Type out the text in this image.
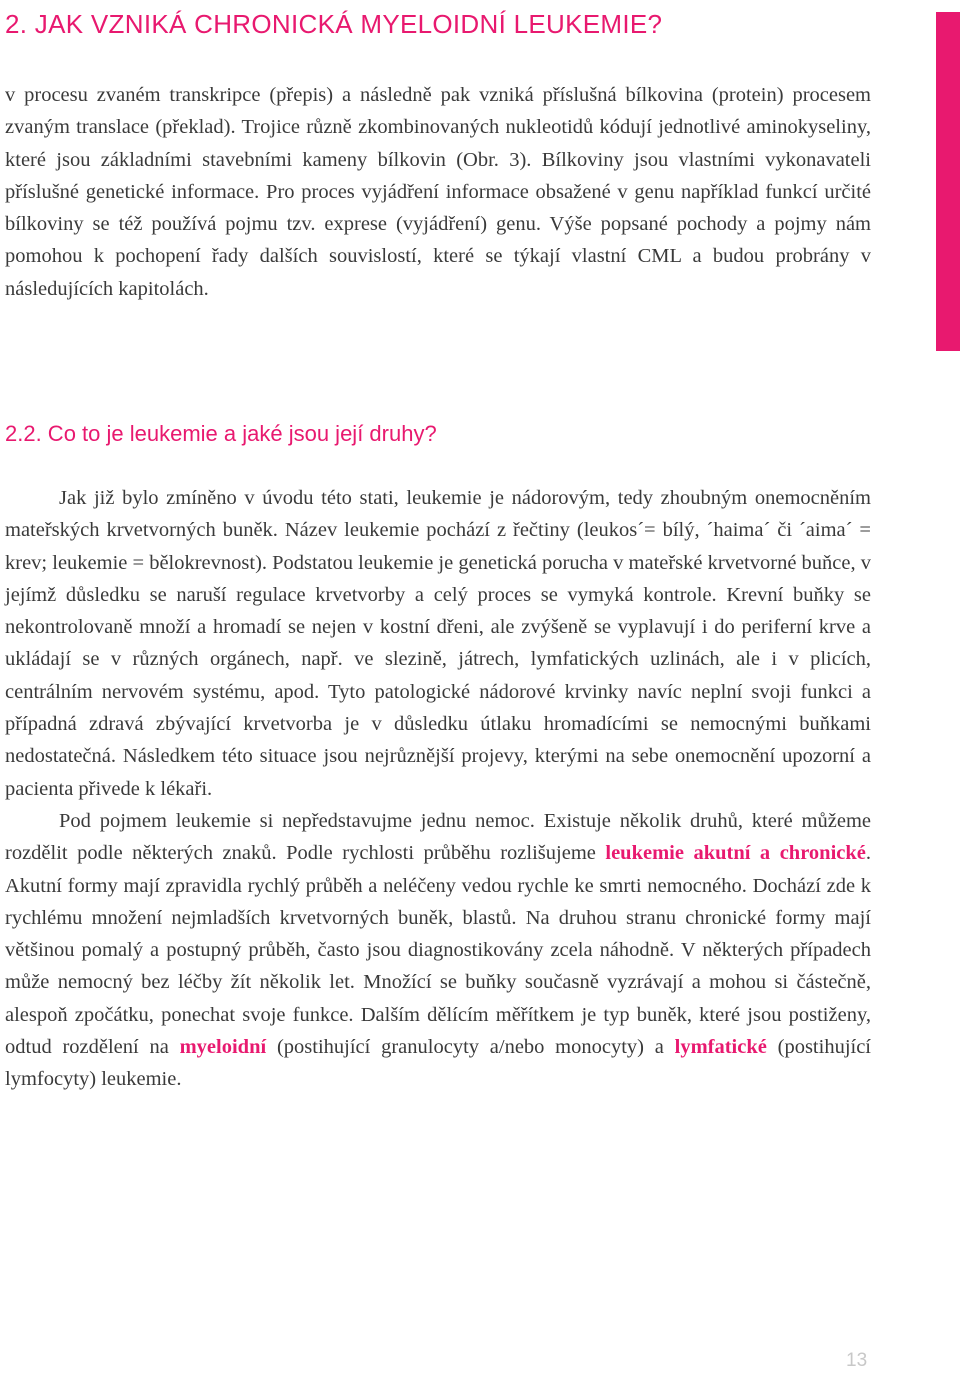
2. JAK VZNIKÁ CHRONICKÁ MYELOIDNÍ LEUKEMIE?

v procesu zvaném transkripce (přepis) a následně pak vzniká příslušná bílkovina (protein) procesem zvaným translace (překlad). Trojice různě zkombinovaných nukleotidů kódují jednotlivé aminokyseliny, které jsou základními stavebními kameny bílkovin (Obr. 3). Bílkoviny jsou vlastními vykonavateli příslušné genetické informace. Pro proces vyjádření informace obsažené v genu například funkcí určité bílkoviny se též používá pojmu tzv. exprese (vyjádření) genu. Výše popsané pochody a pojmy nám pomohou k pochopení řady dalších souvislostí, které se týkají vlastní CML a budou probrány v následujících kapitolách.

2.2. Co to je leukemie a jaké jsou její druhy?

Jak již bylo zmíněno v úvodu této stati, leukemie je nádorovým, tedy zhoubným onemocněním mateřských krvetvorných buněk. Název leukemie pochází z řečtiny (leukos´= bílý, ´haima´ či ´aima´ = krev; leukemie = bělokrevnost). Podstatou leukemie je genetická porucha v mateřské krvetvorné buňce, v jejímž důsledku se naruší regulace krvetvorby a celý proces se vymyká kontrole. Krevní buňky se nekontrolovaně množí a hromadí se nejen v kostní dřeni, ale zvýšeně se vyplavují i do periferní krve a ukládají se v různých orgánech, např. ve slezině, játrech, lymfatických uzlinách, ale i v plicích, centrálním nervovém systému, apod. Tyto patologické nádorové krvinky navíc neplní svoji funkci a případná zdravá zbývající krvetvorba je v důsledku útlaku hromadícími se nemocnými buňkami nedostatečná. Následkem této situace jsou nejrůznější projevy, kterými na sebe onemocnění upozorní a pacienta přivede k lékaři.

Pod pojmem leukemie si nepředstavujme jednu nemoc. Existuje několik druhů, které můžeme rozdělit podle některých znaků. Podle rychlosti průběhu rozlišujeme leukemie akutní a chronické. Akutní formy mají zpravidla rychlý průběh a neléčeny vedou rychle ke smrti nemocného. Dochází zde k rychlému množení nejmladších krvetvorných buněk, blastů. Na druhou stranu chronické formy mají většinou pomalý a postupný průběh, často jsou diagnostikovány zcela náhodně. V některých případech může nemocný bez léčby žít několik let. Množící se buňky současně vyzrávají a mohou si částečně, alespoň zpočátku, ponechat svoje funkce. Dalším dělícím měřítkem je typ buněk, které jsou postiženy, odtud rozdělení na myeloidní (postihující granulocyty a/nebo monocyty) a lymfatické (postihující lymfocyty) leukemie.

13
